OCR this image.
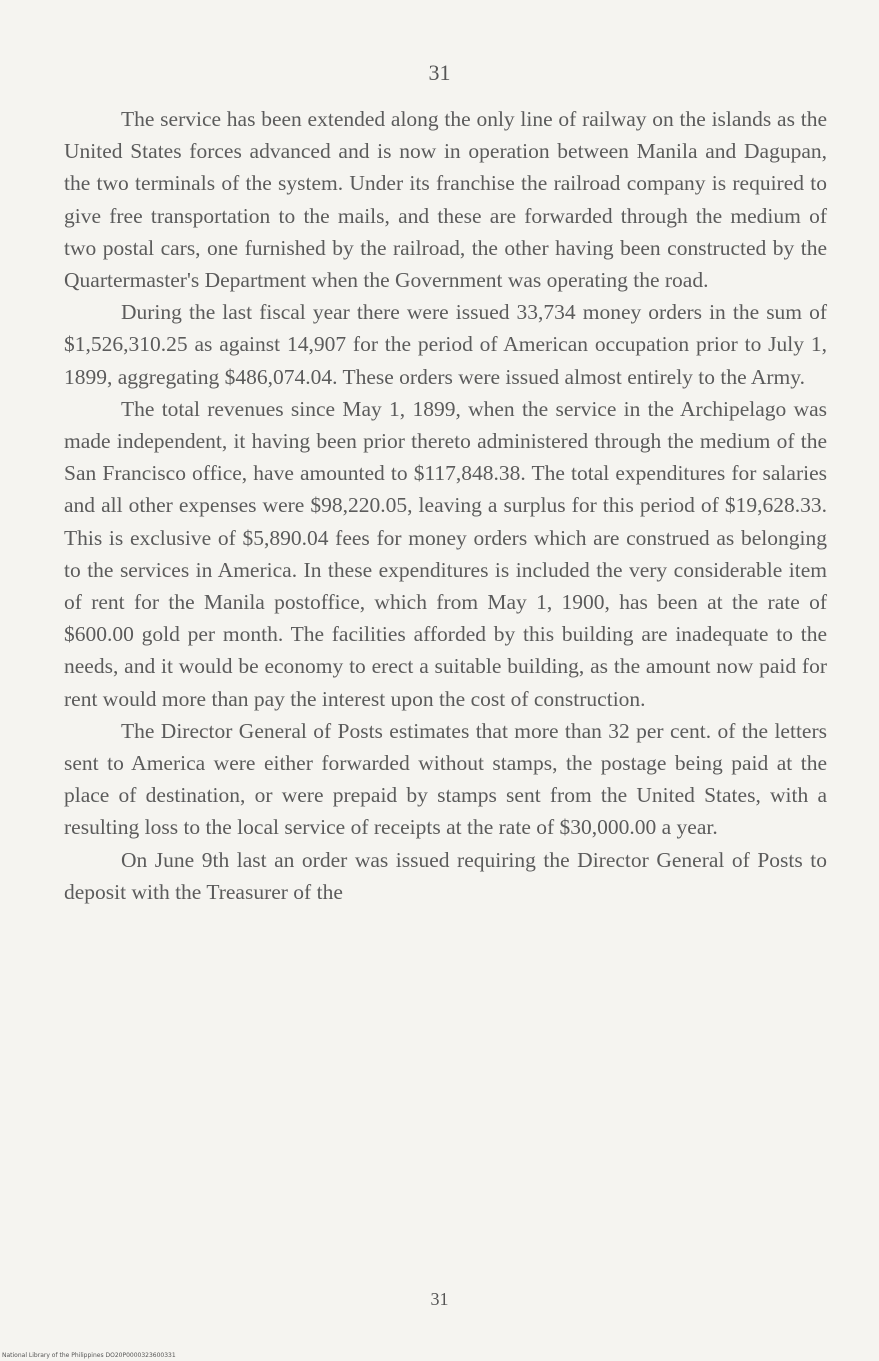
31

The service has been extended along the only line of railway on the islands as the United States forces advanced and is now in operation between Manila and Dagupan, the two terminals of the system. Under its franchise the railroad company is required to give free transportation to the mails, and these are forwarded through the medium of two postal cars, one furnished by the railroad, the other having been constructed by the Quartermaster's Department when the Government was operating the road.

During the last fiscal year there were issued 33,734 money orders in the sum of $1,526,310.25 as against 14,907 for the period of American occupation prior to July 1, 1899, aggregating $486,074.04. These orders were issued almost entirely to the Army.

The total revenues since May 1, 1899, when the service in the Archipelago was made independent, it having been prior thereto administered through the medium of the San Francisco office, have amounted to $117,848.38. The total expenditures for salaries and all other expenses were $98,220.05, leaving a surplus for this period of $19,628.33. This is exclusive of $5,890.04 fees for money orders which are construed as belonging to the services in America. In these expenditures is included the very considerable item of rent for the Manila postoffice, which from May 1, 1900, has been at the rate of $600.00 gold per month. The facilities afforded by this building are inadequate to the needs, and it would be economy to erect a suitable building, as the amount now paid for rent would more than pay the interest upon the cost of construction.

The Director General of Posts estimates that more than 32 per cent. of the letters sent to America were either forwarded without stamps, the postage being paid at the place of destination, or were prepaid by stamps sent from the United States, with a resulting loss to the local service of receipts at the rate of $30,000.00 a year.

On June 9th last an order was issued requiring the Director General of Posts to deposit with the Treasurer of the

31
National Library of the Philippines DO20P0000323600331
